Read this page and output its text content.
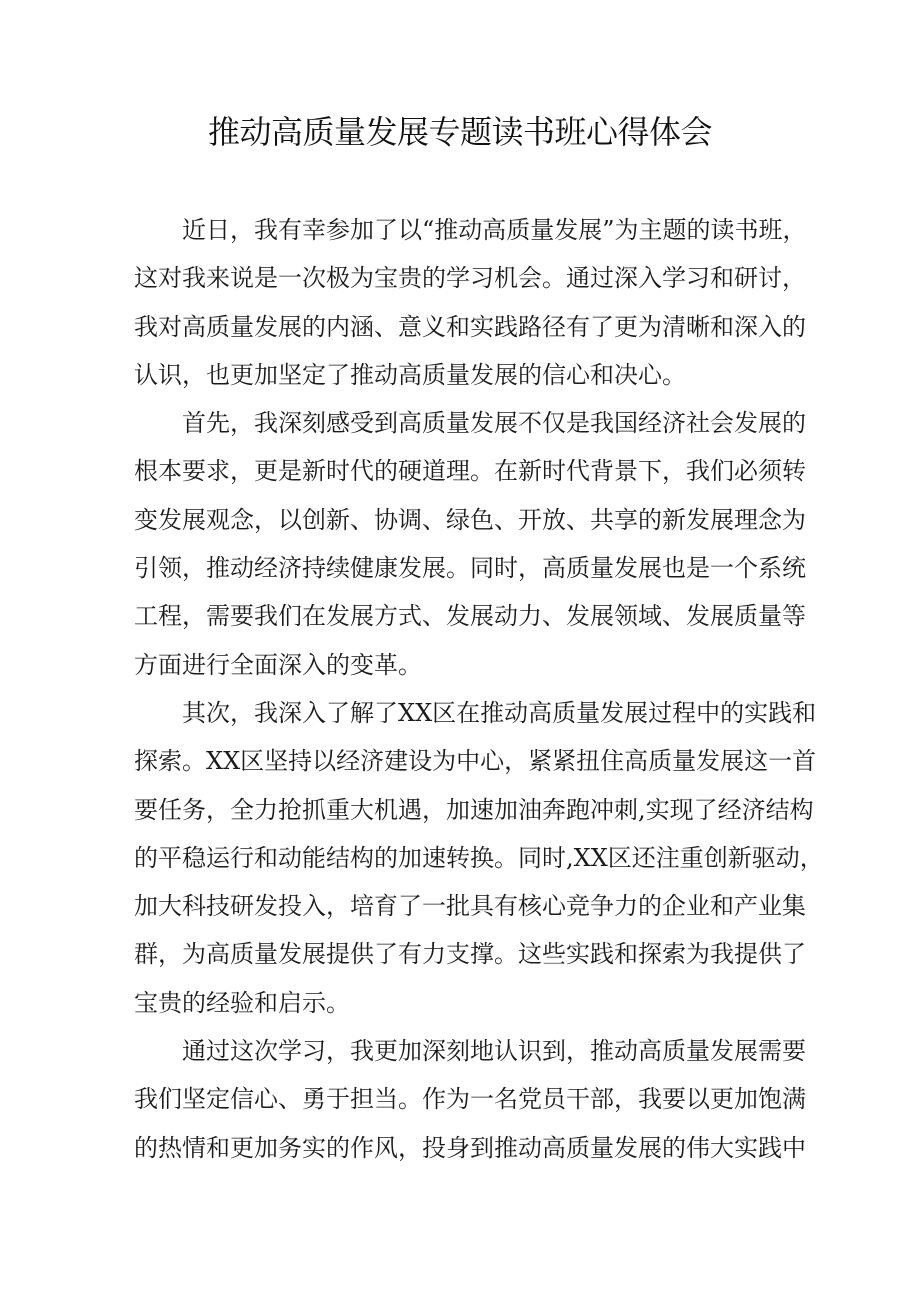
推动高质量发展专题读书班心得体会
近日，我有幸参加了以“推动高质量发展”为主题的读书班，
这对我来说是一次极为宝贵的学习机会。通过深入学习和研讨，
我对高质量发展的内涵、意义和实践路径有了更为清晰和深入的
认识，也更加坚定了推动高质量发展的信心和决心。
首先，我深刻感受到高质量发展不仅是我国经济社会发展的
根本要求，更是新时代的硬道理。在新时代背景下，我们必须转
变发展观念，以创新、协调、绿色、开放、共享的新发展理念为
引领，推动经济持续健康发展。同时，高质量发展也是一个系统
工程，需要我们在发展方式、发展动力、发展领域、发展质量等
方面进行全面深入的变革。
其次，我深入了解了XX区在推动高质量发展过程中的实践和
探索。XX区坚持以经济建设为中心，紧紧扭住高质量发展这一首
要任务，全力抢抓重大机遇，加速加油奔跑冲刺,实现了经济结构
的平稳运行和动能结构的加速转换。同时,XX区还注重创新驱动，
加大科技研发投入，培育了一批具有核心竞争力的企业和产业集
群，为高质量发展提供了有力支撑。这些实践和探索为我提供了
宝贵的经验和启示。
通过这次学习，我更加深刻地认识到，推动高质量发展需要
我们坚定信心、勇于担当。作为一名党员干部，我要以更加饱满
的热情和更加务实的作风，投身到推动高质量发展的伟大实践中
